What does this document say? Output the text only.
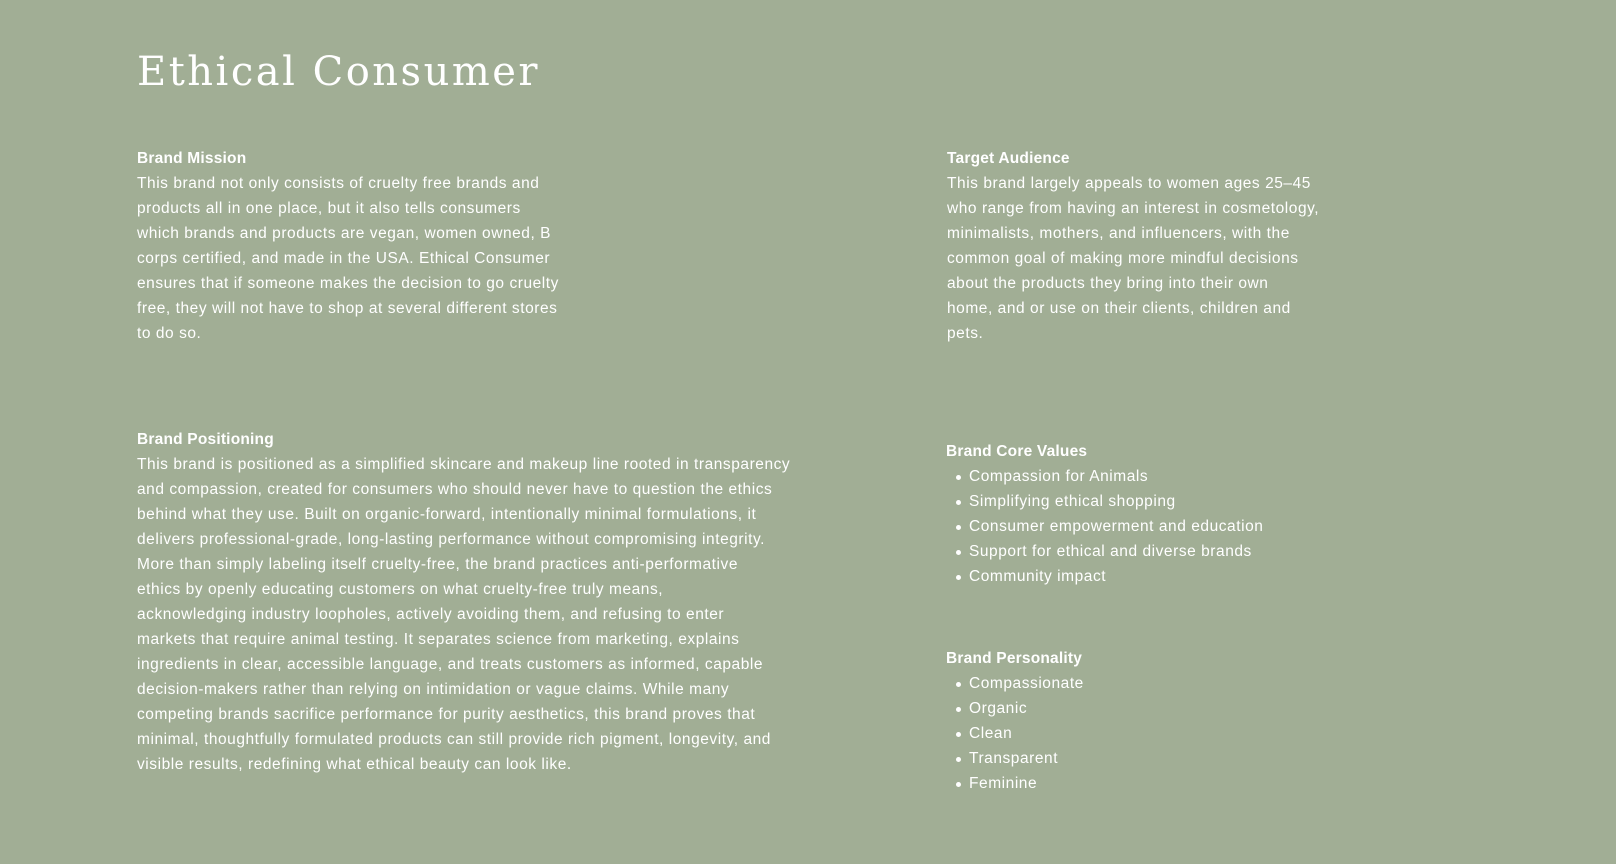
Ethical Consumer
Brand Mission

This brand not only consists of cruelty free brands and
products all in one place, but it also tells consumers
which brands and products are vegan, women owned, B
corps certified, and made in the USA. Ethical Consumer
ensures that if someone makes the decision to go cruelty
free, they will not have to shop at several different stores
to do so.

Target Audience

This brand largely appeals to women ages 25–45
who range from having an interest in cosmetology,
minimalists, mothers, and influencers, with the
common goal of making more mindful decisions
about the products they bring into their own
home, and or use on their clients, children and
pets.

Brand Positioning

This brand is positioned as a simplified skincare and makeup line rooted in transparency
and compassion, created for consumers who should never have to question the ethics
behind what they use. Built on organic-forward, intentionally minimal formulations, it
delivers professional-grade, long-lasting performance without compromising integrity.
More than simply labeling itself cruelty-free, the brand practices anti-performative
ethics by openly educating customers on what cruelty-free truly means,
acknowledging industry loopholes, actively avoiding them, and refusing to enter
markets that require animal testing. It separates science from marketing, explains
ingredients in clear, accessible language, and treats customers as informed, capable
decision-makers rather than relying on intimidation or vague claims. While many
competing brands sacrifice performance for purity aesthetics, this brand proves that
minimal, thoughtfully formulated products can still provide rich pigment, longevity, and
visible results, redefining what ethical beauty can look like.

Brand Core Values
Compassion for Animals
Simplifying ethical shopping
Consumer empowerment and education
Support for ethical and diverse brands
Community impact
Brand Personality
Compassionate
Organic
Clean
Transparent
Feminine
